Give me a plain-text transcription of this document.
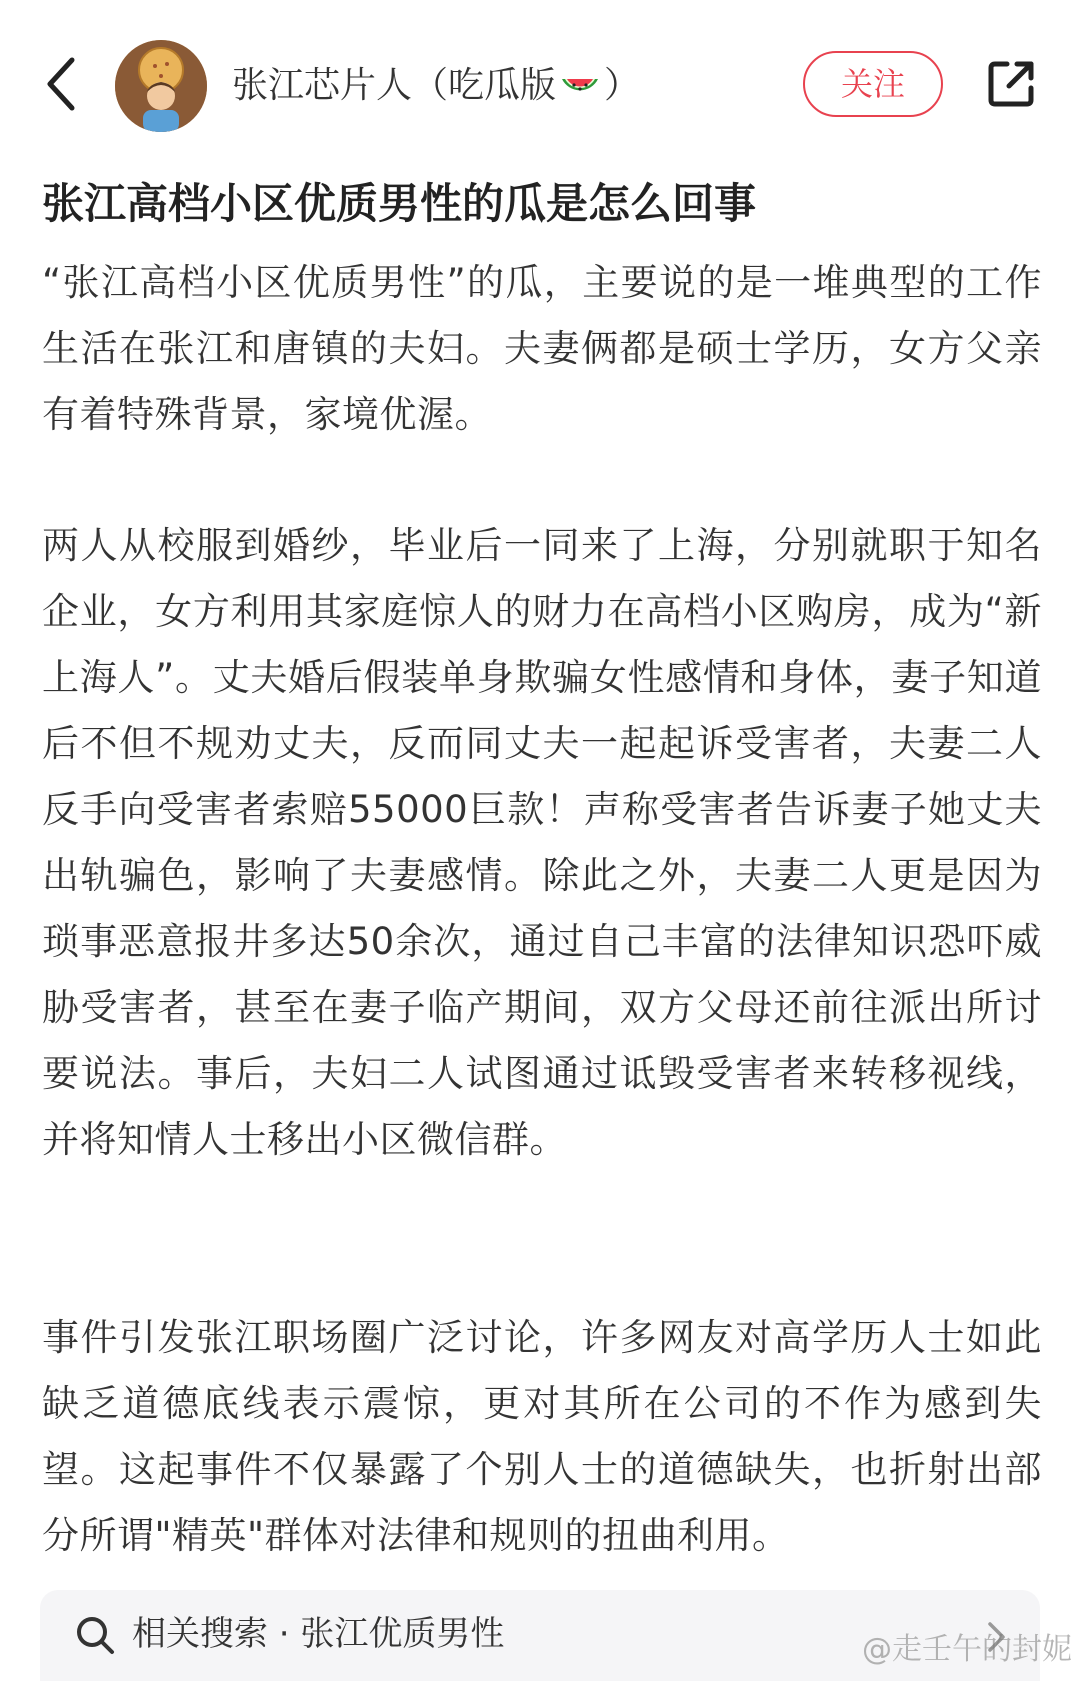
张江芯片人（吃瓜版 ）	关注
张江高档小区优质男性的瓜是怎么回事

“张江高档小区优质男性”的瓜，主要说的是一堆典型的工作生活在张江和唐镇的夫妇。夫妻俩都是硕士学历，女方父亲有着特殊背景，家境优渥。

两人从校服到婚纱，毕业后一同来了上海，分别就职于知名企业，女方利用其家庭惊人的财力在高档小区购房，成为“新上海人”。丈夫婚后假装单身欺骗女性感情和身体，妻子知道后不但不规劝丈夫，反而同丈夫一起起诉受害者，夫妻二人反手向受害者索赔55000巨款！声称受害者告诉妻子她丈夫出轨骗色，影响了夫妻感情。除此之外，夫妻二人更是因为琐事恶意报井多达50余次，通过自己丰富的法律知识恐吓威胁受害者，甚至在妻子临产期间，双方父母还前往派出所讨要说法。事后，夫妇二人试图通过诋毁受害者来转移视线，并将知情人士移出小区微信群。

事件引发张江职场圈广泛讨论，许多网友对高学历人士如此缺乏道德底线表示震惊，更对其所在公司的不作为感到失望。这起事件不仅暴露了个别人士的道德缺失，也折射出部分所谓"精英"群体对法律和规则的扭曲利用。

相关搜索 · 张江优质男性	@走壬午的封妮
